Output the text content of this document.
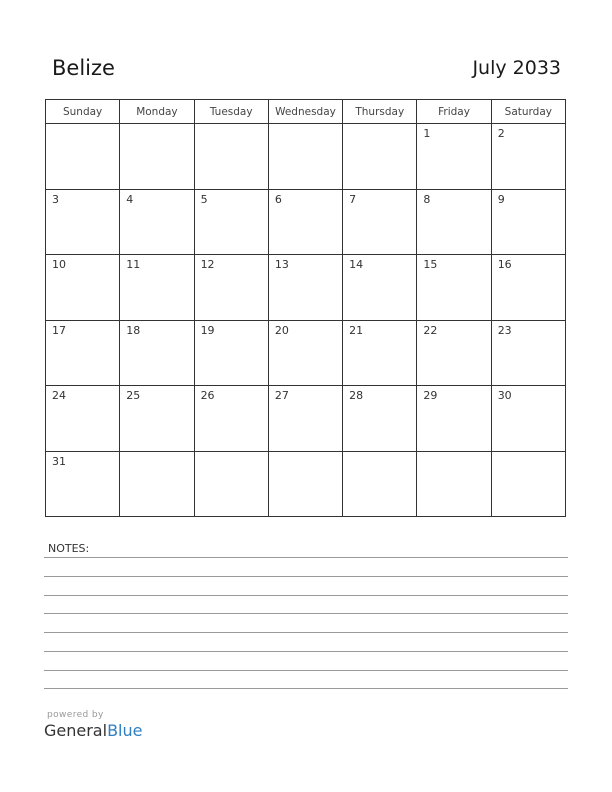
Belize	July 2033
Sunday	Monday	Tuesday	Wednesday	Thursday	Friday	Saturday

					1	2

3	4	5	6	7	8	9

10	11	12	13	14	15	16

17	18	19	20	21	22	23

24	25	26	27	28	29	30

31						

NOTES:
powered by
GeneralBlue
